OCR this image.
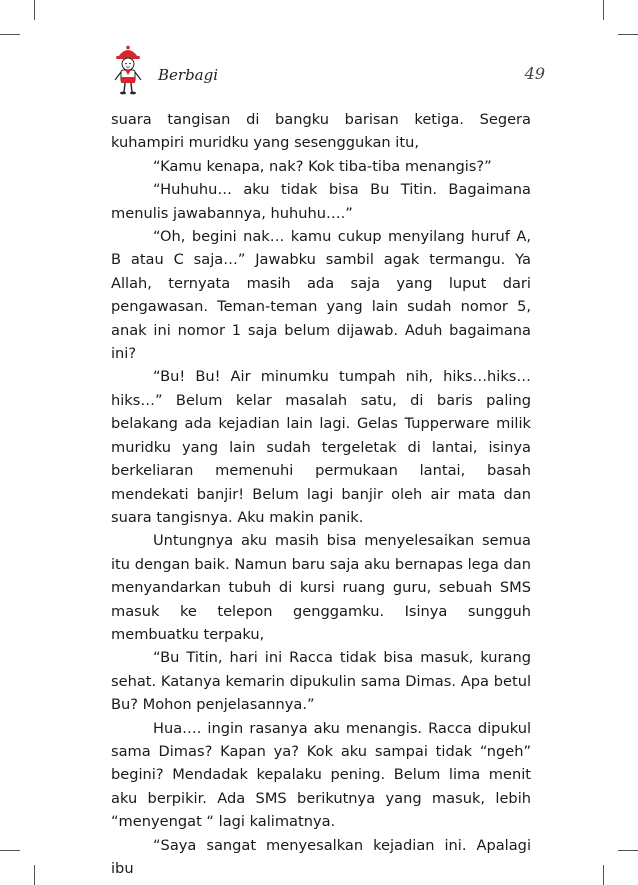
Berbagi	49

suara tangisan di bangku barisan ketiga. Segera kuhampiri muridku yang sesenggukan itu,

“Kamu kenapa, nak? Kok tiba-tiba menangis?”

“Huhuhu… aku tidak bisa Bu Titin. Bagaimana menulis jawabannya, huhuhu….”

“Oh, begini nak… kamu cukup menyilang huruf A, B atau C saja…” Jawabku sambil agak termangu. Ya Allah, ternyata masih ada saja yang luput dari pengawasan. Teman-teman yang lain sudah nomor 5, anak ini nomor 1 saja belum dijawab. Aduh bagaimana ini?

“Bu! Bu! Air minumku tumpah nih, hiks…hiks… hiks…” Belum kelar masalah satu, di baris paling belakang ada kejadian lain lagi. Gelas Tupperware milik muridku yang lain sudah tergeletak di lantai, isinya berkeliaran memenuhi permukaan lantai, basah mendekati banjir! Belum lagi banjir oleh air mata dan suara tangisnya. Aku makin panik.

Untungnya aku masih bisa menyelesaikan semua itu dengan baik. Namun baru saja aku bernapas lega dan menyandarkan tubuh di kursi ruang guru, sebuah SMS masuk ke telepon genggamku. Isinya sungguh membuatku terpaku,

“Bu Titin, hari ini Racca tidak bisa masuk, kurang sehat. Katanya kemarin dipukulin sama Dimas. Apa betul Bu? Mohon penjelasannya.”

Hua…. ingin rasanya aku menangis. Racca dipukul sama Dimas? Kapan ya? Kok aku sampai tidak “ngeh” begini? Mendadak kepalaku pening. Belum lima menit aku berpikir. Ada SMS berikutnya yang masuk, lebih “menyengat “ lagi kalimatnya.

“Saya sangat menyesalkan kejadian ini. Apalagi ibu
